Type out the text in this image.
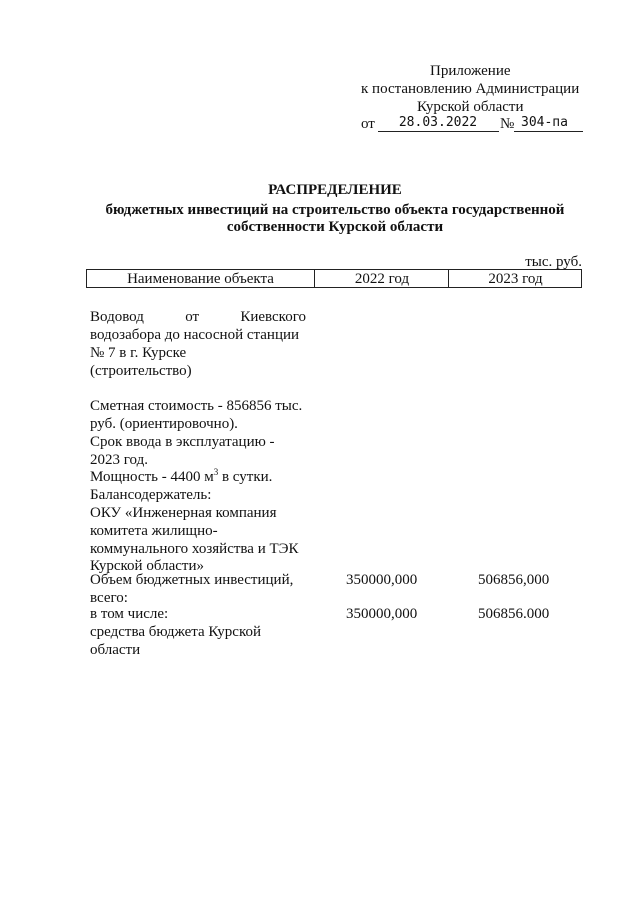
Приложение
к постановлению Администрации
Курской области
от	28.03.2022	№ 304-па
РАСПРЕДЕЛЕНИЕ
бюджетных инвестиций на строительство объекта государственной
собственности Курской области
тыс. руб.
Наименование объекта	2022 год	2023 год
Водовод	от	Киевского
водозабора до насосной станции
№ 7 в г. Курске
(строительство)
Сметная стоимость - 856856 тыс.
руб. (ориентировочно).
Срок ввода в эксплуатацию -
2023 год.
Мощность - 4400 $м^3$ в сутки.
Балансодержатель:
ОКУ «Инженерная компания
комитета жилищно-
коммунального хозяйства и ТЭК
Курской области»
Объем бюджетных инвестиций,
всего:
350000,000	506856,000
в том числе:
средства бюджета Курской
области
350000,000	506856.000
